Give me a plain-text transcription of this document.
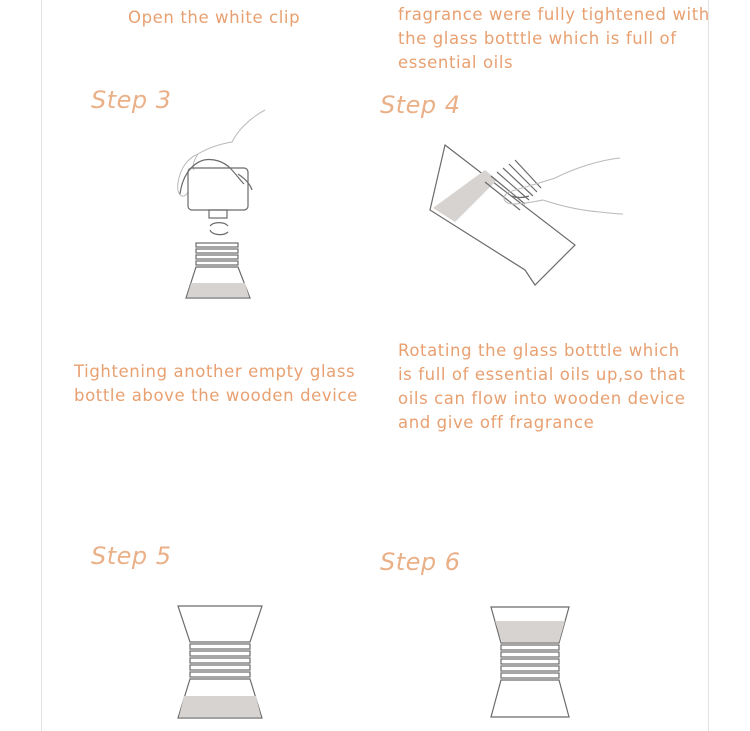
Open the white clip	fragrance were fully tightened with
the glass botttle which is full of
essential oils
Step 3
Tightening another empty glass
bottle above the wooden device
Step 4
Rotating the glass botttle which
is full of essential oils up,so that
oils can flow into wooden device
and give off fragrance
Step 5	Step 6
